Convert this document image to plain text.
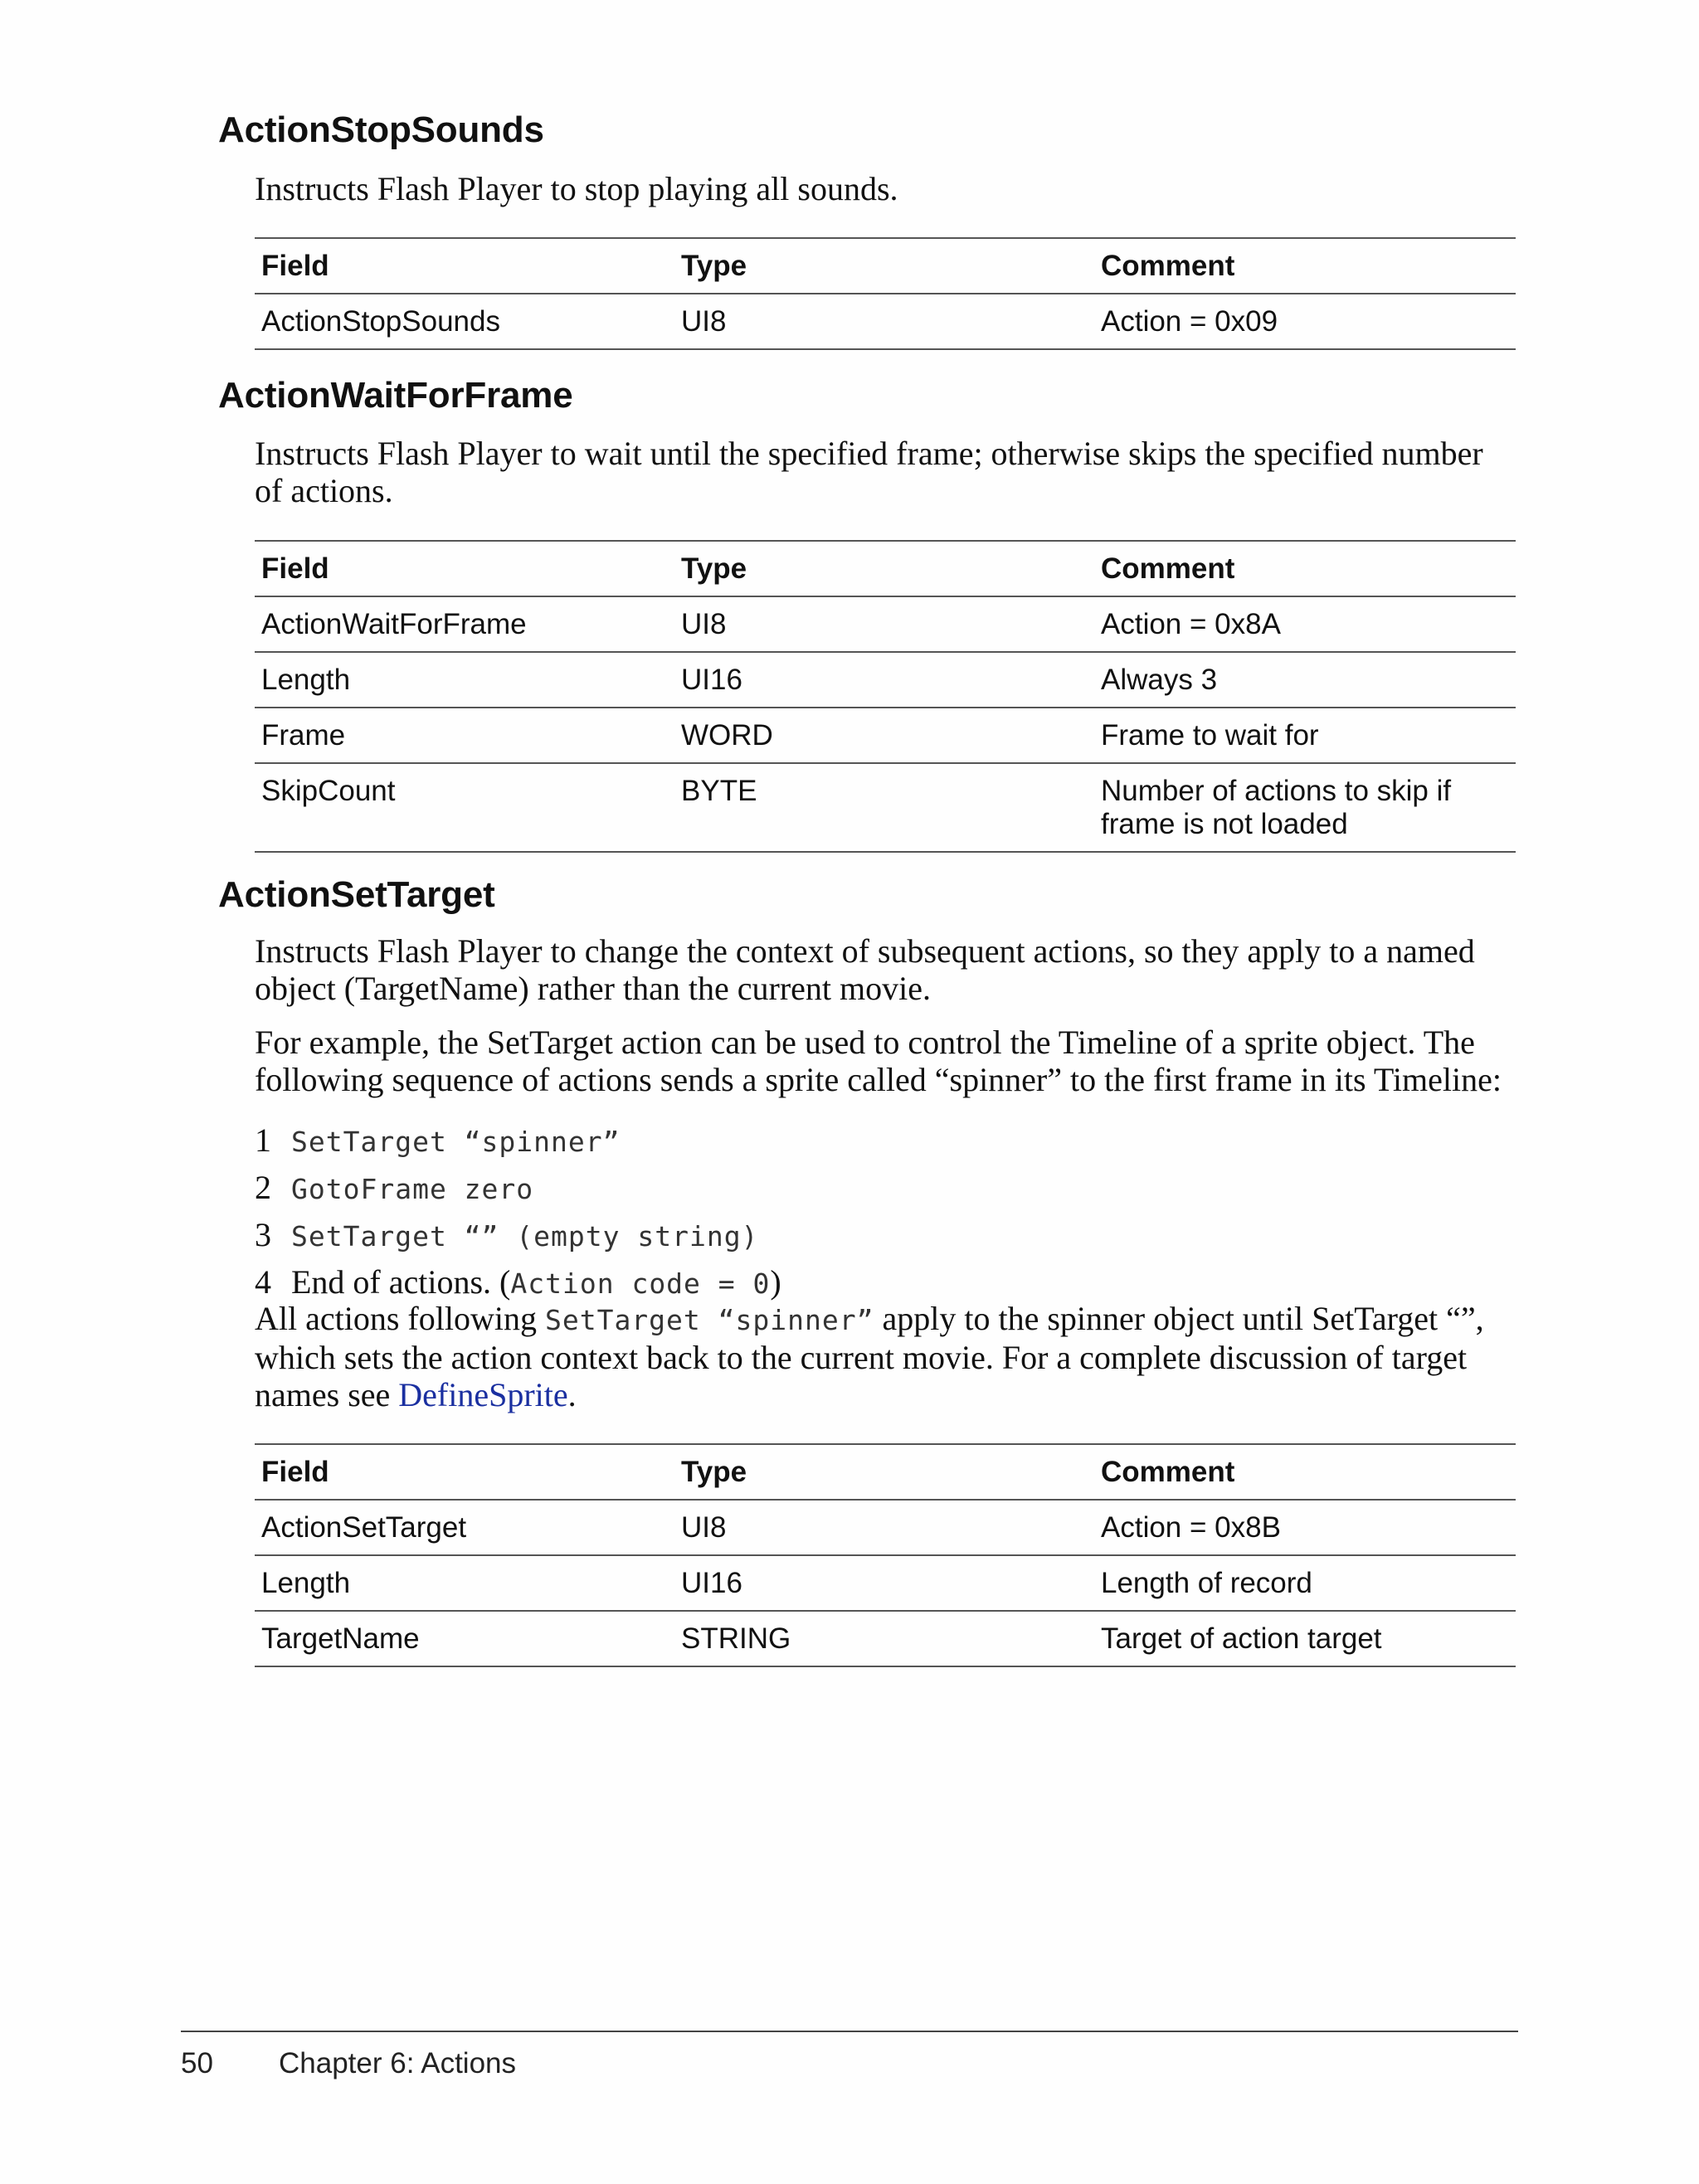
ActionStopSounds

Instructs Flash Player to stop playing all sounds.

Field	Type	Comment
ActionStopSounds	UI8	Action = 0x09
ActionWaitForFrame

Instructs Flash Player to wait until the specified frame; otherwise skips the specified number of actions.

Field	Type	Comment
ActionWaitForFrame	UI8	Action = 0x8A
Length	UI16	Always 3
Frame	WORD	Frame to wait for
SkipCount	BYTE	Number of actions to skip if frame is not loaded
ActionSetTarget

Instructs Flash Player to change the context of subsequent actions, so they apply to a named object (TargetName) rather than the current movie.

For example, the SetTarget action can be used to control the Timeline of a sprite object. The following sequence of actions sends a sprite called “spinner” to the first frame in its Timeline:

1 SetTarget “spinner”
2 GotoFrame zero
3 SetTarget “” (empty string)
4 End of actions. (Action code = 0)

All actions following SetTarget “spinner” apply to the spinner object until SetTarget “”, which sets the action context back to the current movie. For a complete discussion of target names see DefineSprite.

Field	Type	Comment
ActionSetTarget	UI8	Action = 0x8B
Length	UI16	Length of record
TargetName	STRING	Target of action target
50 Chapter 6: Actions
